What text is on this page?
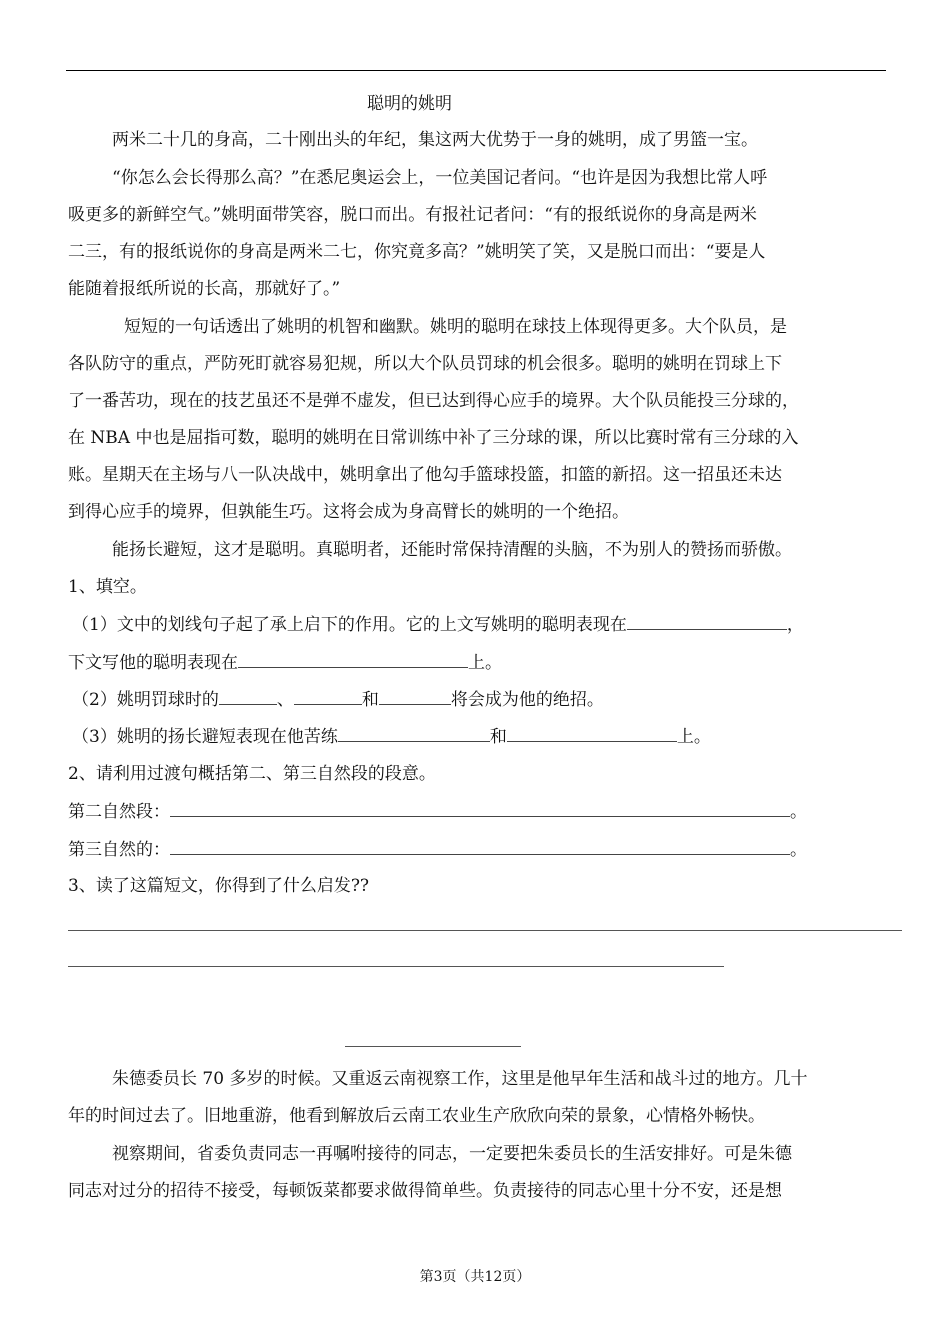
聪明的姚明
两米二十几的身高，二十刚出头的年纪，集这两大优势于一身的姚明，成了男篮一宝。
“你怎么会长得那么高？”在悉尼奥运会上，一位美国记者问。“也许是因为我想比常人呼
吸更多的新鲜空气。”姚明面带笑容，脱口而出。有报社记者问：“有的报纸说你的身高是两米
二三，有的报纸说你的身高是两米二七，你究竟多高？”姚明笑了笑，又是脱口而出：“要是人
能随着报纸所说的长高，那就好了。”
短短的一句话透出了姚明的机智和幽默。姚明的聪明在球技上体现得更多。大个队员，是
各队防守的重点，严防死盯就容易犯规，所以大个队员罚球的机会很多。聪明的姚明在罚球上下
了一番苦功，现在的技艺虽还不是弹不虚发，但已达到得心应手的境界。大个队员能投三分球的，
在 NBA 中也是屈指可数，聪明的姚明在日常训练中补了三分球的课，所以比赛时常有三分球的入
账。星期天在主场与八一队决战中，姚明拿出了他勾手篮球投篮，扣篮的新招。这一招虽还未达
到得心应手的境界，但孰能生巧。这将会成为身高臂长的姚明的一个绝招。
能扬长避短，这才是聪明。真聪明者，还能时常保持清醒的头脑，不为别人的赞扬而骄傲。
1、填空。
（1）文中的划线句子起了承上启下的作用。它的上文写姚明的聪明表现在	，
下文写他的聪明表现在	上。
（2）姚明罚球时的	、	和	将会成为他的绝招。
（3）姚明的扬长避短表现在他苦练	和	上。
2、请利用过渡句概括第二、第三自然段的段意。
第二自然段：	。
第三自然的：	。
3、读了这篇短文，你得到了什么启发??
朱德委员长 70 多岁的时候。又重返云南视察工作，这里是他早年生活和战斗过的地方。几十
年的时间过去了。旧地重游，他看到解放后云南工农业生产欣欣向荣的景象，心情格外畅快。
视察期间，省委负责同志一再嘱咐接待的同志，一定要把朱委员长的生活安排好。可是朱德
同志对过分的招待不接受，每顿饭菜都要求做得简单些。负责接待的同志心里十分不安，还是想
第3页（共12页）
